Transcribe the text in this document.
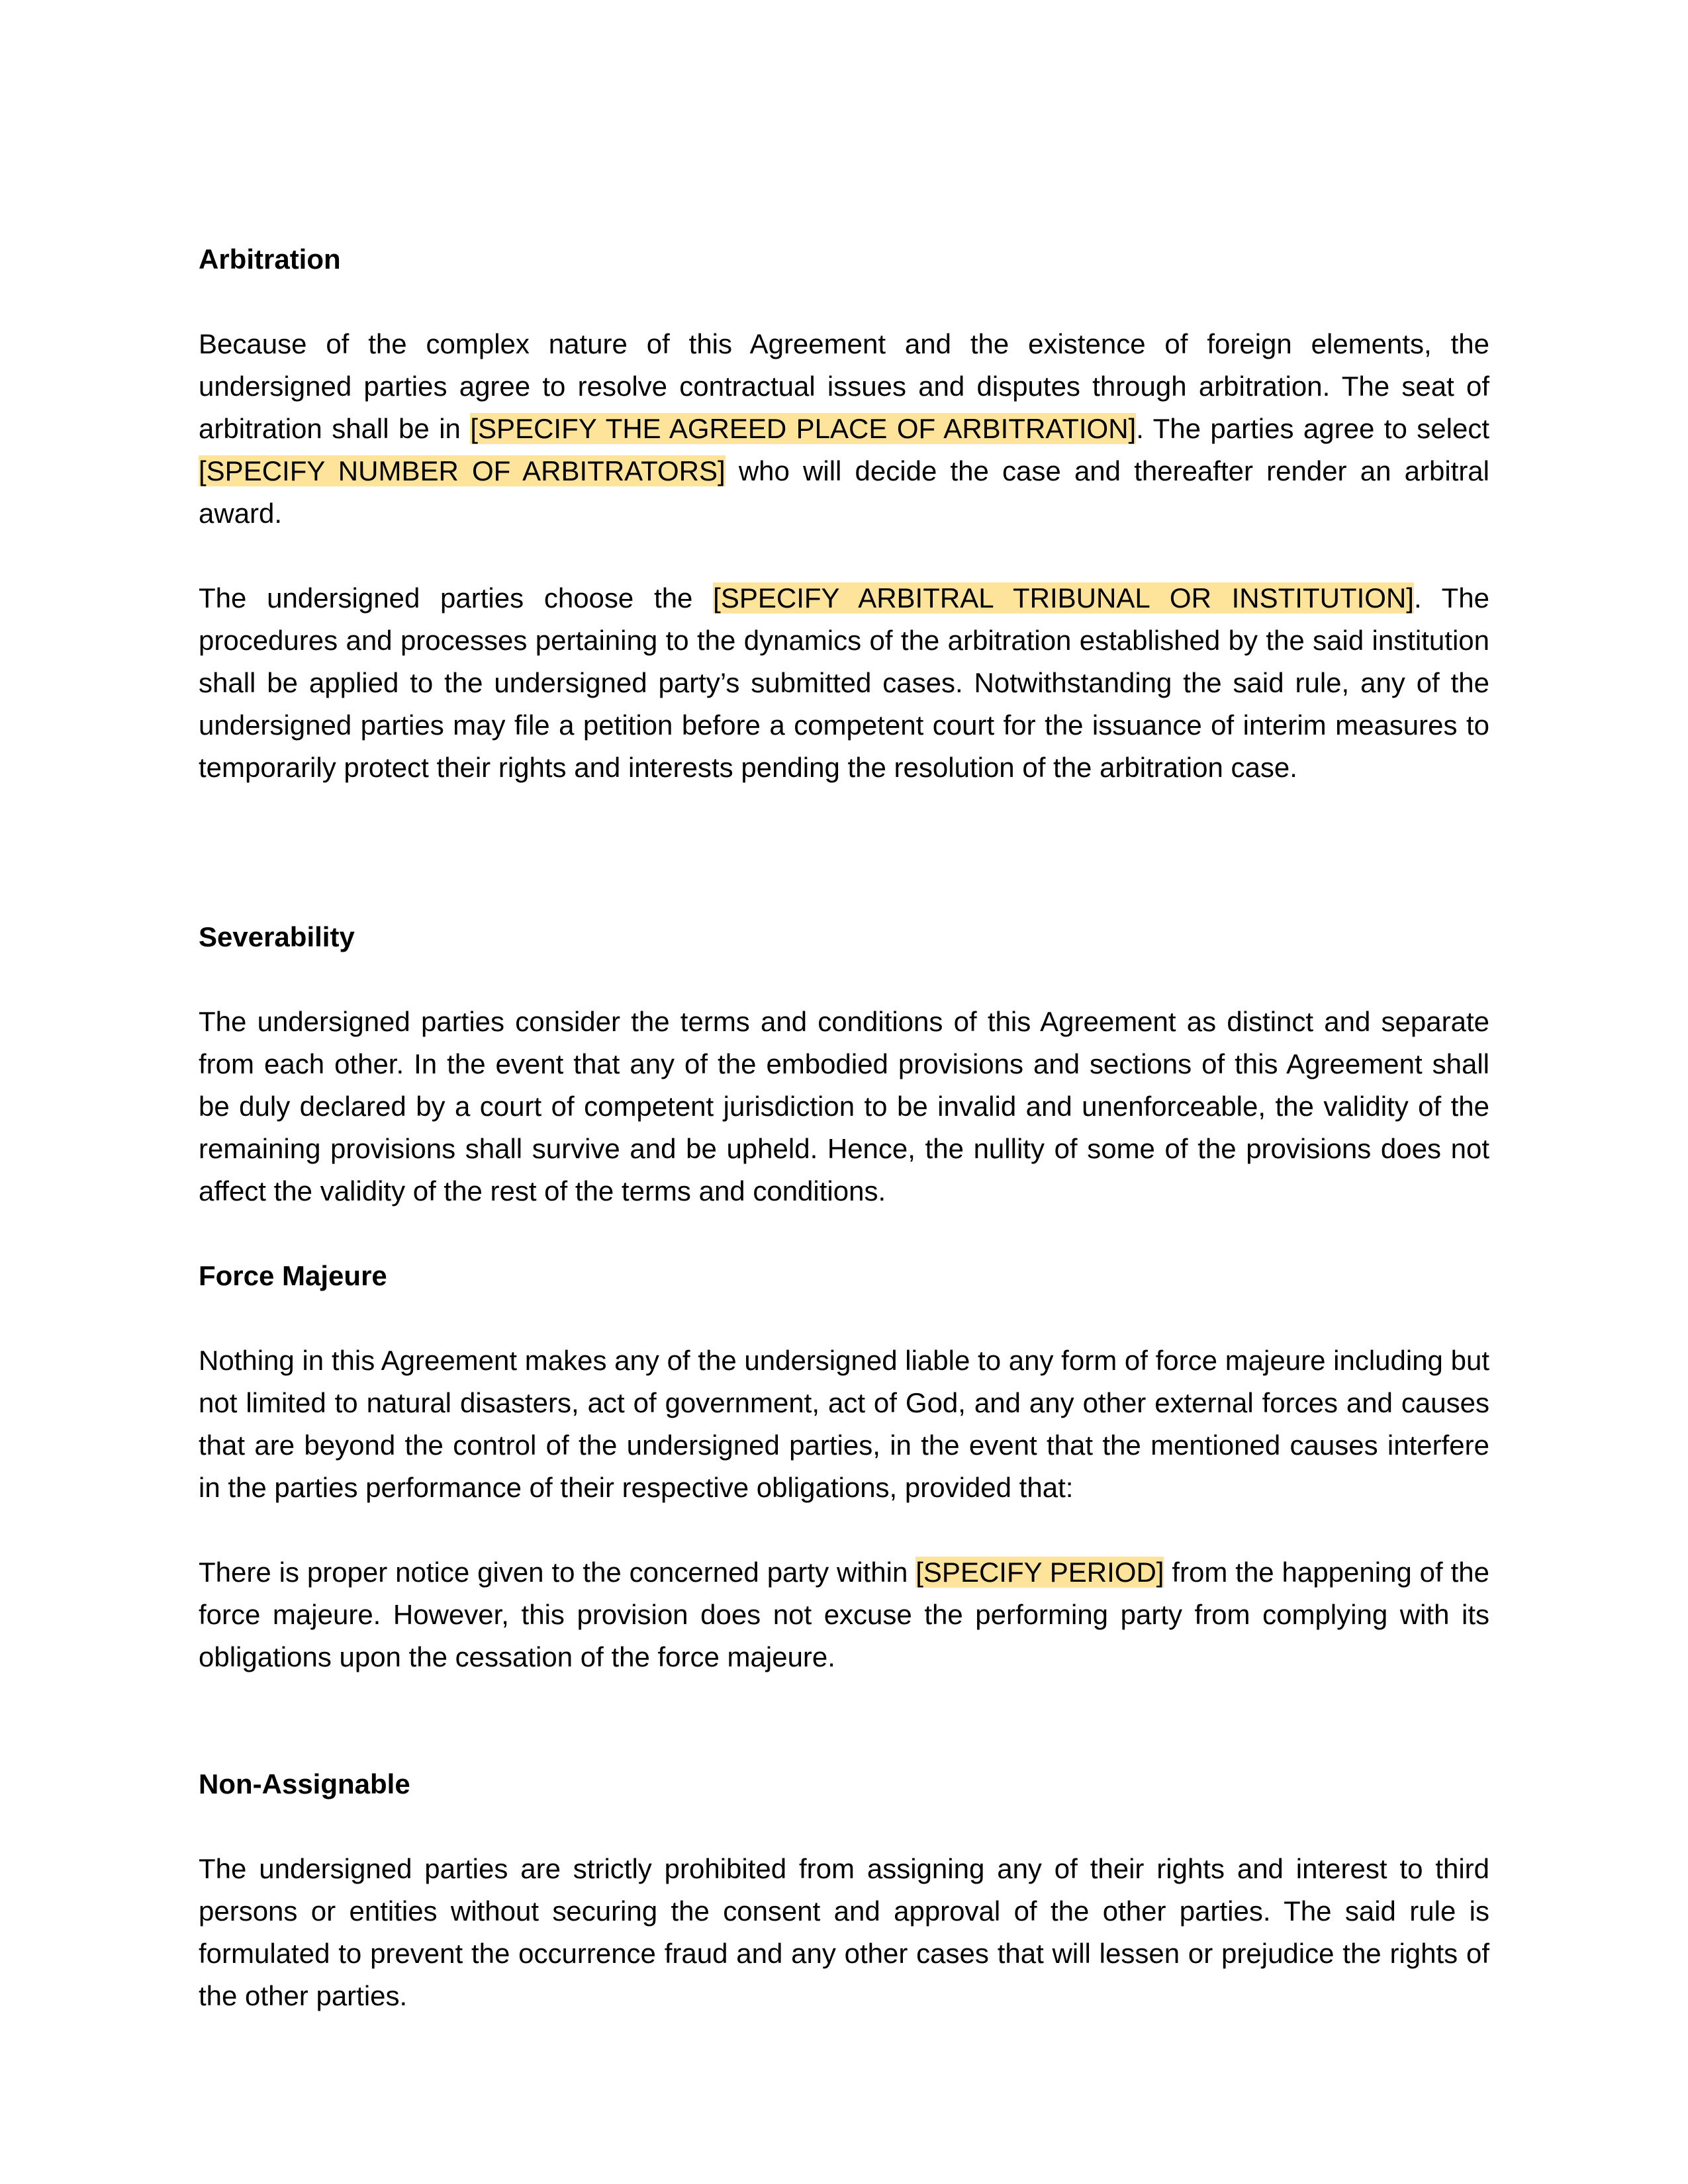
Arbitration

Because of the complex nature of this Agreement and the existence of foreign elements, the undersigned parties agree to resolve contractual issues and disputes through arbitration. The seat of arbitration shall be in [SPECIFY THE AGREED PLACE OF ARBITRATION]. The parties agree to select [SPECIFY NUMBER OF ARBITRATORS] who will decide the case and thereafter render an arbitral award.

The undersigned parties choose the [SPECIFY ARBITRAL TRIBUNAL OR INSTITUTION]. The procedures and processes pertaining to the dynamics of the arbitration established by the said institution shall be applied to the undersigned party’s submitted cases. Notwithstanding the said rule, any of the undersigned parties may file a petition before a competent court for the issuance of interim measures to temporarily protect their rights and interests pending the resolution of the arbitration case.

Severability

The undersigned parties consider the terms and conditions of this Agreement as distinct and separate from each other. In the event that any of the embodied provisions and sections of this Agreement shall be duly declared by a court of competent jurisdiction to be invalid and unenforceable, the validity of the remaining provisions shall survive and be upheld. Hence, the nullity of some of the provisions does not affect the validity of the rest of the terms and conditions.

Force Majeure

Nothing in this Agreement makes any of the undersigned liable to any form of force majeure including but not limited to natural disasters, act of government, act of God, and any other external forces and causes that are beyond the control of the undersigned parties, in the event that the mentioned causes interfere in the parties performance of their respective obligations, provided that:

There is proper notice given to the concerned party within [SPECIFY PERIOD] from the happening of the force majeure. However, this provision does not excuse the performing party from complying with its obligations upon the cessation of the force majeure.

Non-Assignable

The undersigned parties are strictly prohibited from assigning any of their rights and interest to third persons or entities without securing the consent and approval of the other parties. The said rule is formulated to prevent the occurrence fraud and any other cases that will lessen or prejudice the rights of the other parties.
